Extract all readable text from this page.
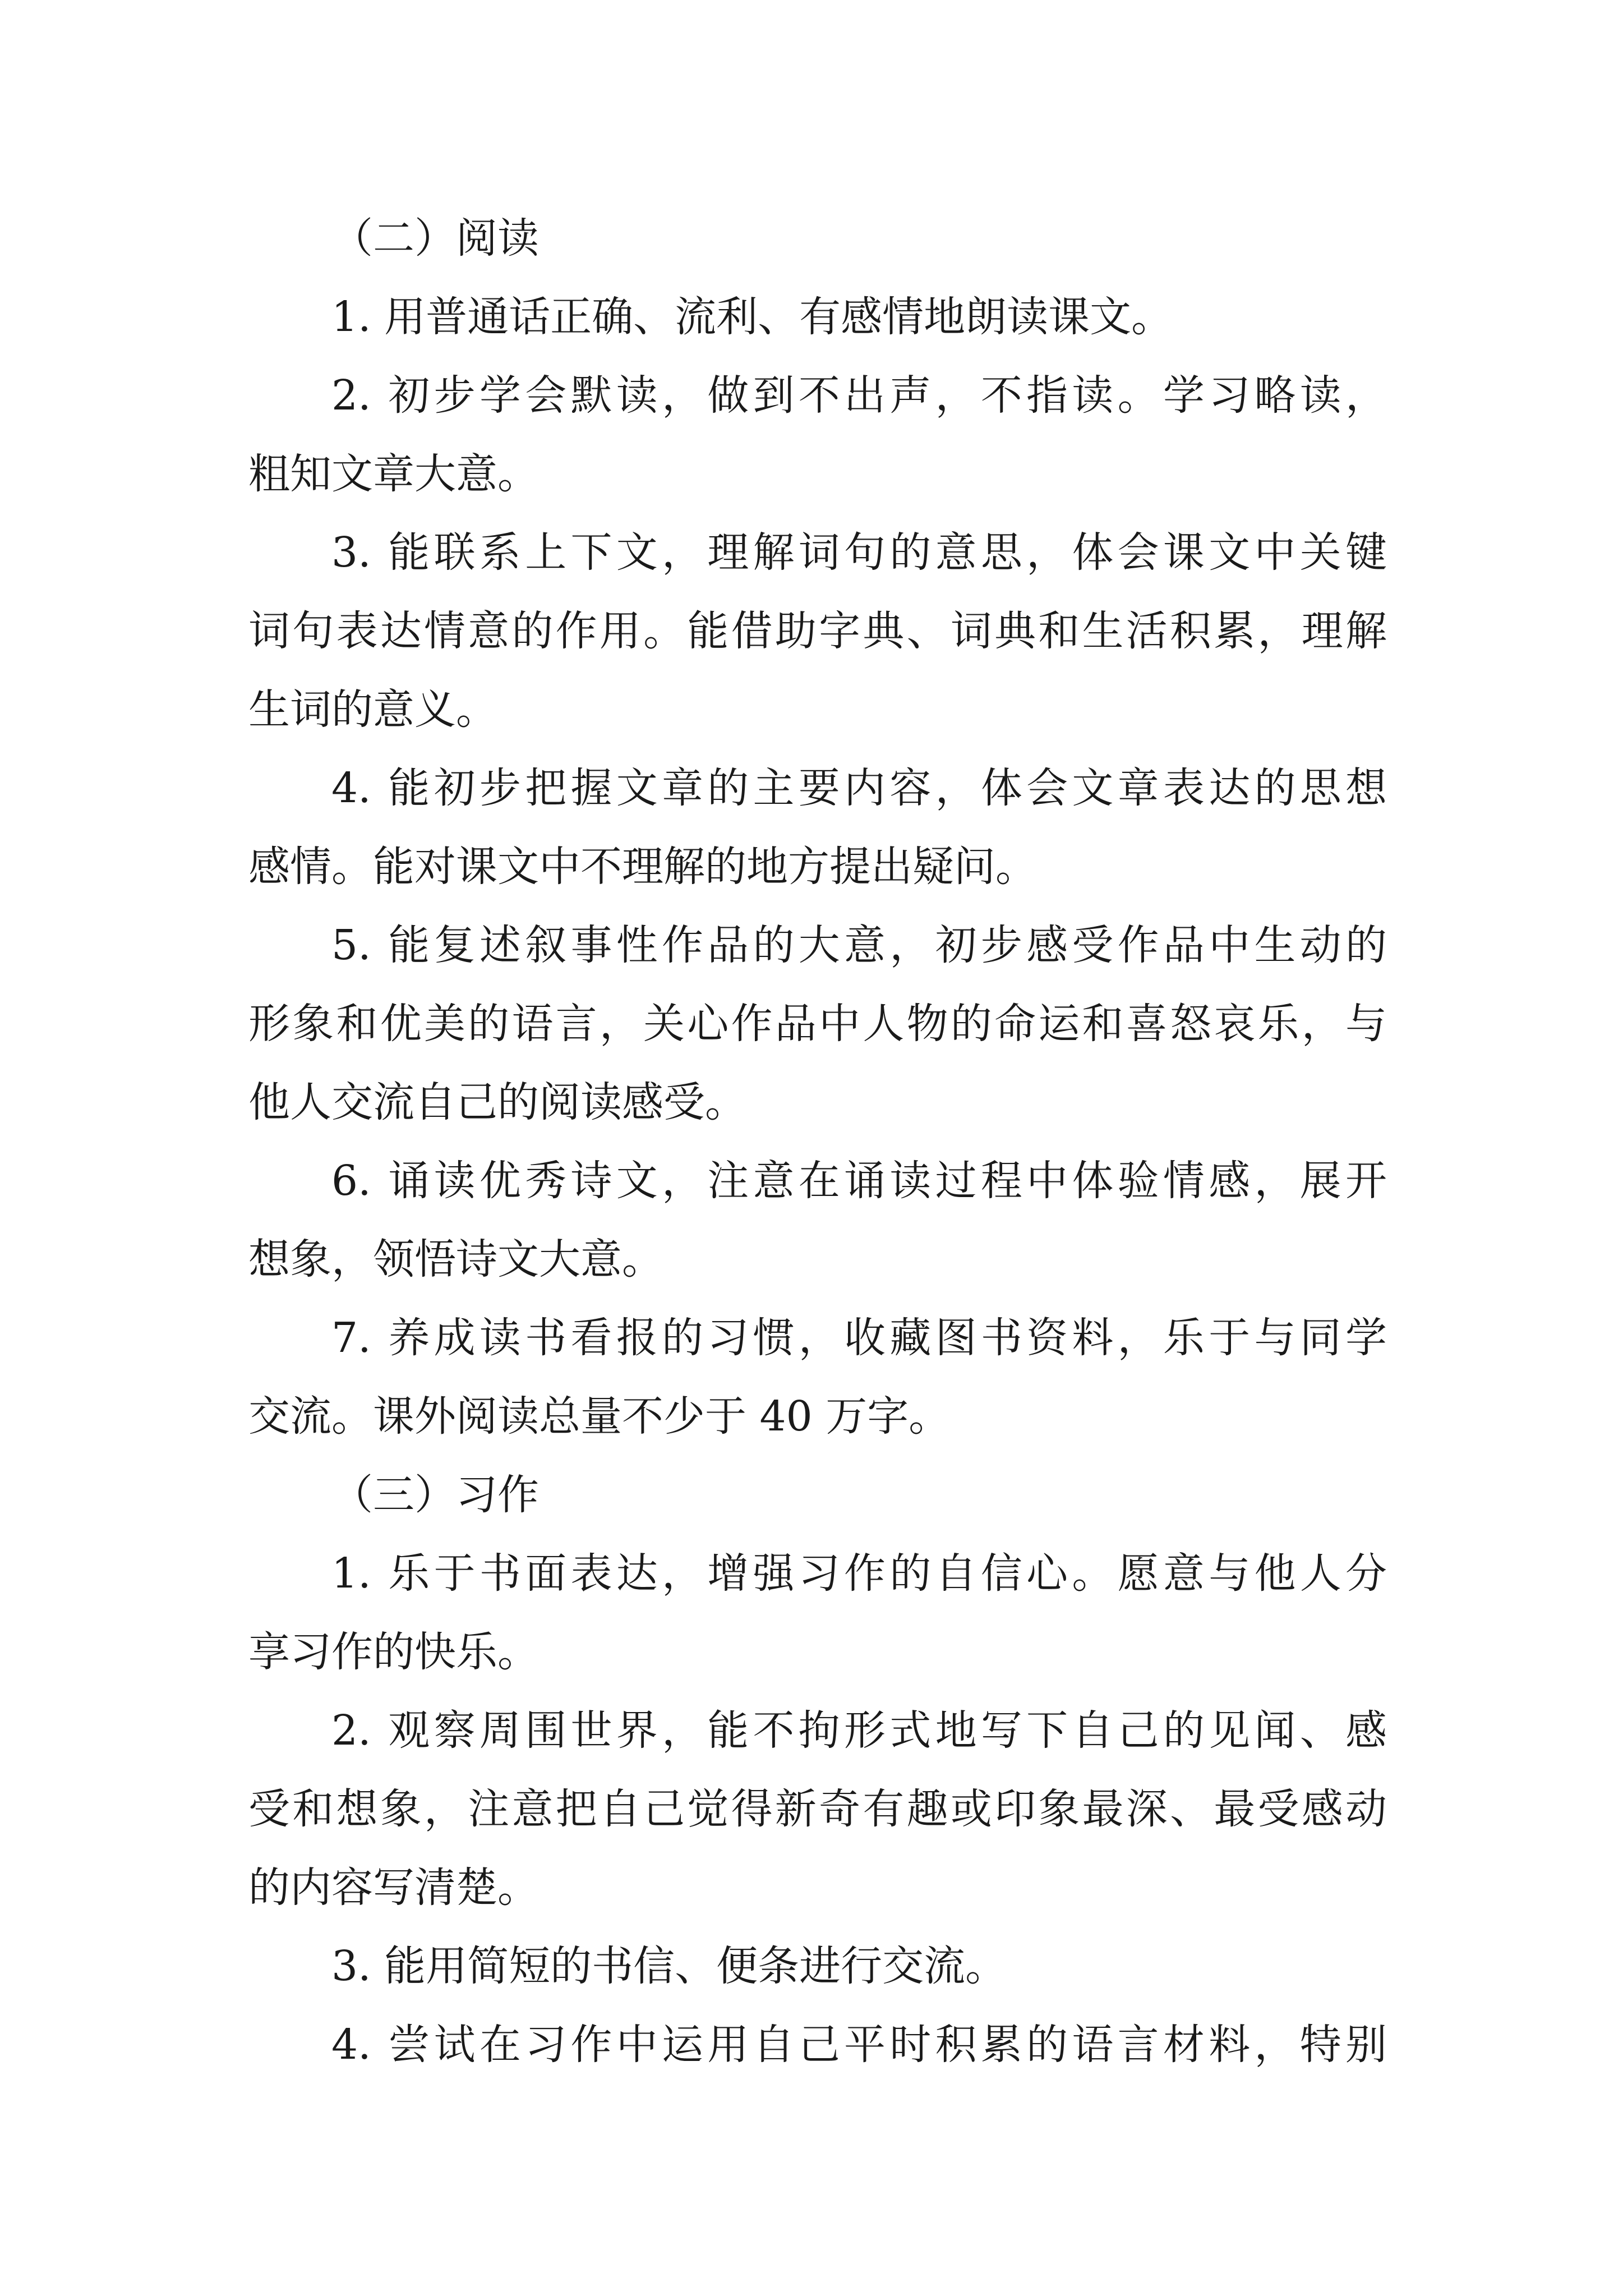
（二）阅读
1. 用普通话正确、流利、有感情地朗读课文。
2. 初步学会默读，做到不出声，不指读。学习略读，
粗知文章大意。
3. 能联系上下文，理解词句的意思，体会课文中关键
词句表达情意的作用。能借助字典、词典和生活积累，理解
生词的意义。
4. 能初步把握文章的主要内容，体会文章表达的思想
感情。能对课文中不理解的地方提出疑问。
5. 能复述叙事性作品的大意，初步感受作品中生动的
形象和优美的语言，关心作品中人物的命运和喜怒哀乐，与
他人交流自己的阅读感受。
6. 诵读优秀诗文，注意在诵读过程中体验情感，展开
想象，领悟诗文大意。
7. 养成读书看报的习惯，收藏图书资料，乐于与同学
交流。课外阅读总量不少于 40 万字。
（三）习作
1. 乐于书面表达，增强习作的自信心。愿意与他人分
享习作的快乐。
2. 观察周围世界，能不拘形式地写下自己的见闻、感
受和想象，注意把自己觉得新奇有趣或印象最深、最受感动
的内容写清楚。
3. 能用简短的书信、便条进行交流。
4. 尝试在习作中运用自己平时积累的语言材料，特别
